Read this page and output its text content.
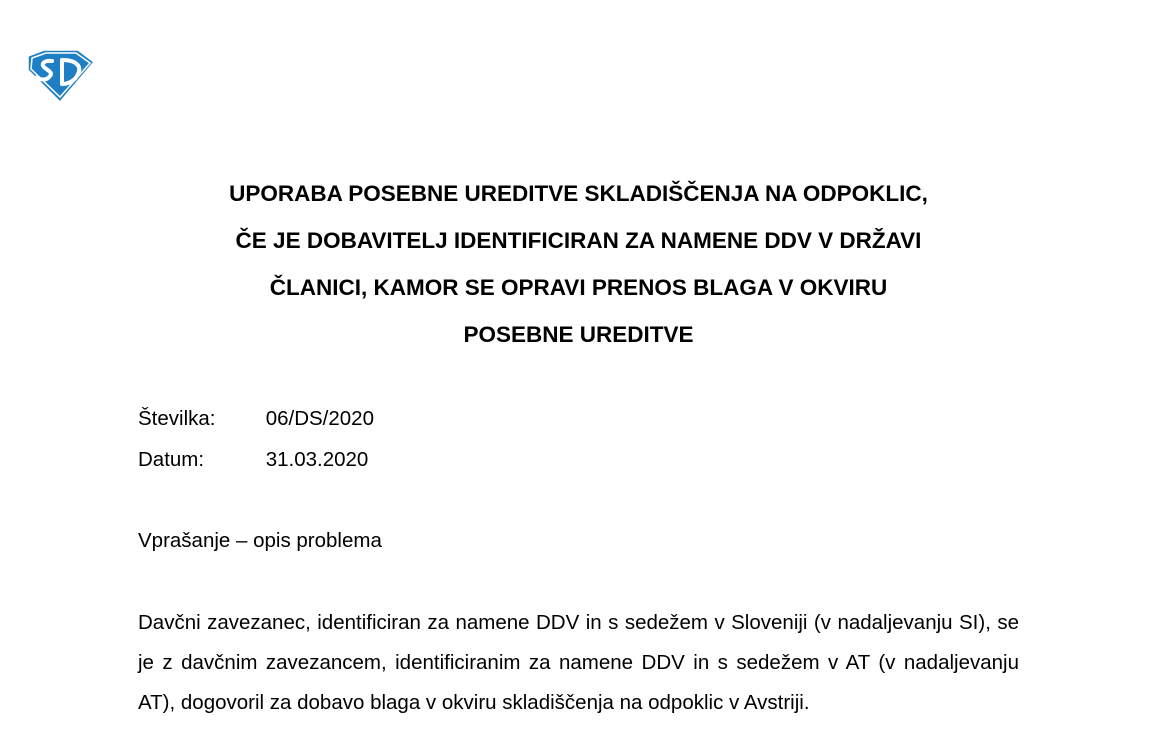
UPORABA POSEBNE UREDITVE SKLADIŠČENJA NA ODPOKLIC,
ČE JE DOBAVITELJ IDENTIFICIRAN ZA NAMENE DDV V DRŽAVI
ČLANICI, KAMOR SE OPRAVI PRENOS BLAGA V OKVIRU
POSEBNE UREDITVE
Številka: 06/DS/2020
Datum:	31.03.2020
Vprašanje – opis problema
Davčni zavezanec, identificiran za namene DDV in s sedežem v Sloveniji (v nadaljevanju SI), se je z davčnim zavezancem, identificiranim za namene DDV in s sedežem v AT (v nadaljevanju AT), dogovoril za dobavo blaga v okviru skladiščenja na odpoklic v Avstriji.
